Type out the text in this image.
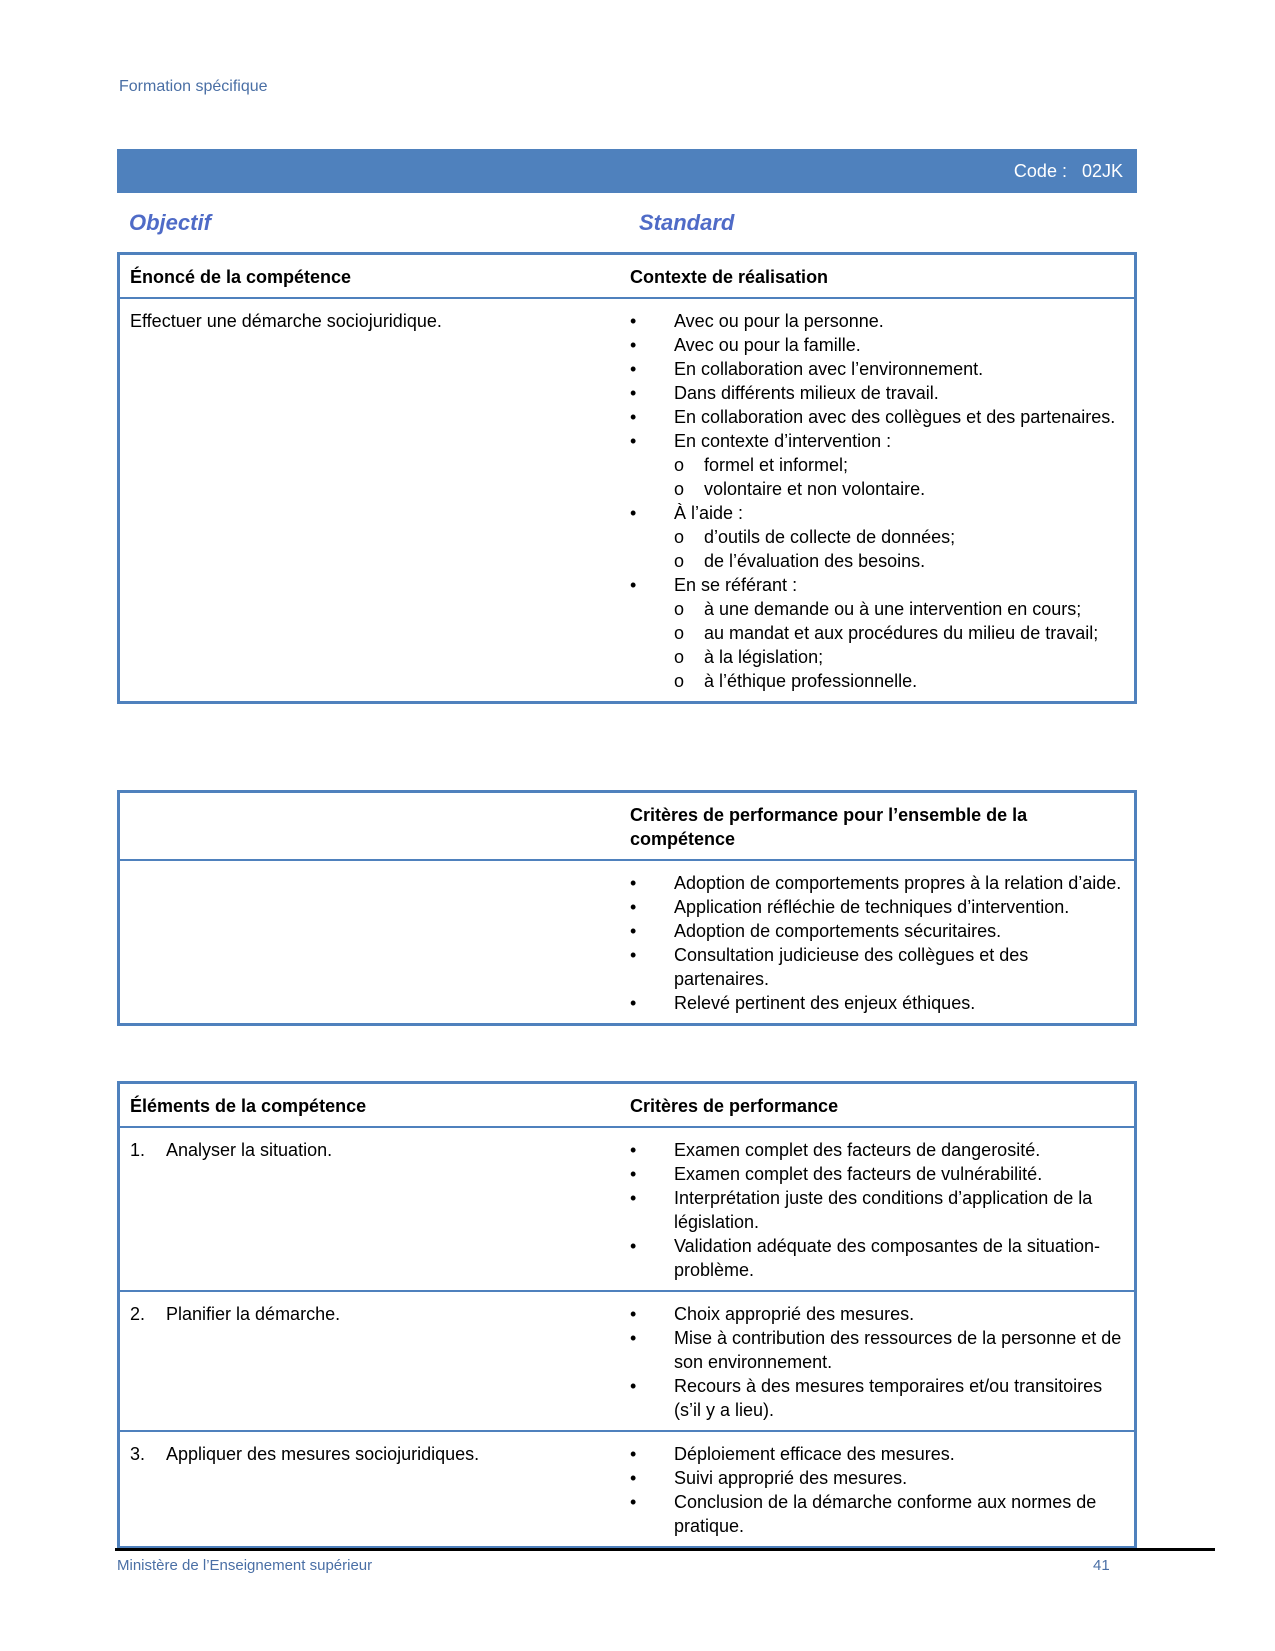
Formation spécifique
Code :   02JK
Objectif	Standard
Énoncé de la compétence	Contexte de réalisation
Effectuer une démarche sociojuridique.	• Avec ou pour la personne.
• Avec ou pour la famille.
• En collaboration avec l’environnement.
• Dans différents milieux de travail.
• En collaboration avec des collègues et des partenaires.
• En contexte d’intervention :
o formel et informel;
o volontaire et non volontaire.
• À l’aide :
o d’outils de collecte de données;
o de l’évaluation des besoins.
• En se référant :
o à une demande ou à une intervention en cours;
o au mandat et aux procédures du milieu de travail;
o à la législation;
o à l’éthique professionnelle.
Critères de performance pour l’ensemble de la compétence
• Adoption de comportements propres à la relation d’aide.
• Application réfléchie de techniques d’intervention.
• Adoption de comportements sécuritaires.
• Consultation judicieuse des collègues et des partenaires.
• Relevé pertinent des enjeux éthiques.
Éléments de la compétence	Critères de performance
1.	Analyser la situation.	• Examen complet des facteurs de dangerosité.
• Examen complet des facteurs de vulnérabilité.
• Interprétation juste des conditions d’application de la législation.
• Validation adéquate des composantes de la situation-problème.
2.	Planifier la démarche.	• Choix approprié des mesures.
• Mise à contribution des ressources de la personne et de son environnement.
• Recours à des mesures temporaires et/ou transitoires (s’il y a lieu).
3.	Appliquer des mesures sociojuridiques.	• Déploiement efficace des mesures.
• Suivi approprié des mesures.
• Conclusion de la démarche conforme aux normes de pratique.
Ministère de l’Enseignement supérieur	41
